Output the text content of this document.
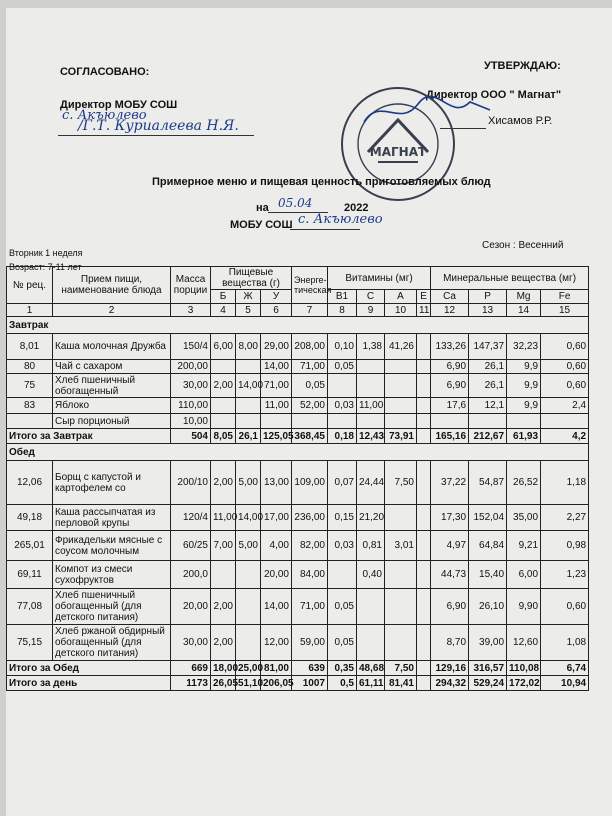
СОГЛАСОВАНО:
Директор МОБУ СОШ
с. Акъюлево
/Г.Т. Куриалеева Н.Я.
УТВЕРЖДАЮ:
Директор ООО " Магнат"
Хисамов Р.Р.
МАГНАТ
Примерное меню и пищевая ценность приготовляемых блюд
на 05.04	2022
МОБУ СОШ с. Акъюлево
Вторник 1 неделя
Сезон : Весенний
Возраст: 7-11 лет
№ рец.	Прием пищи, наименование блюда	Масса порции	Пищевые вещества (г)			Энерге-тическая	Витамины (мг)				Минеральные вещества (мг)			
			Б	Ж	У		B1	C	A	E	Ca	P	Mg	Fe
1	2	3	4	5	6	7	8	9	10	11	12	13	14	15
Завтрак														
8,01	Каша молочная Дружба	150/4	6,00	8,00	29,00	208,00	0,10	1,38	41,26		133,26	147,37	32,23	0,60
80	Чай с сахаром	200,00			14,00	71,00	0,05				6,90	26,1	9,9	0,60
75	Хлеб пшеничный обогащенный	30,00	2,00	14,00	71,00	0,05					6,90	26,1	9,9	0,60
83	Яблоко	110,00			11,00	52,00	0,03	11,00			17,6	12,1	9,9	2,4
	Сыр порционый	10,00												
Итого за Завтрак		504	8,05	26,1	125,05	368,45	0,18	12,43	73,91		165,16	212,67	61,93	4,2
Обед														
12,06	Борщ с капустой и картофелем со	200/10	2,00	5,00	13,00	109,00	0,07	24,44	7,50		37,22	54,87	26,52	1,18
49,18	Каша рассыпчатая из перловой крупы	120/4	11,00	14,00	17,00	236,00	0,15	21,20			17,30	152,04	35,00	2,27
265,01	Фрикадельки мясные с соусом молочным	60/25	7,00	5,00	4,00	82,00	0,03	0,81	3,01		4,97	64,84	9,21	0,98
69,11	Компот из смеси сухофруктов	200,0			20,00	84,00		0,40			44,73	15,40	6,00	1,23
77,08	Хлеб пшеничный обогащенный (для детского питания)	20,00	2,00		14,00	71,00	0,05				6,90	26,10	9,90	0,60
75,15	Хлеб ржаной обдирный обогащенный (для детского питания)	30,00	2,00		12,00	59,00	0,05				8,70	39,00	12,60	1,08
Итого за Обед		669	18,00	25,00	81,00	639	0,35	48,68	7,50		129,16	316,57	110,08	6,74
Итого за день		1173	26,05	51,10	206,05	1007	0,5	61,11	81,41		294,32	529,24	172,02	10,94
